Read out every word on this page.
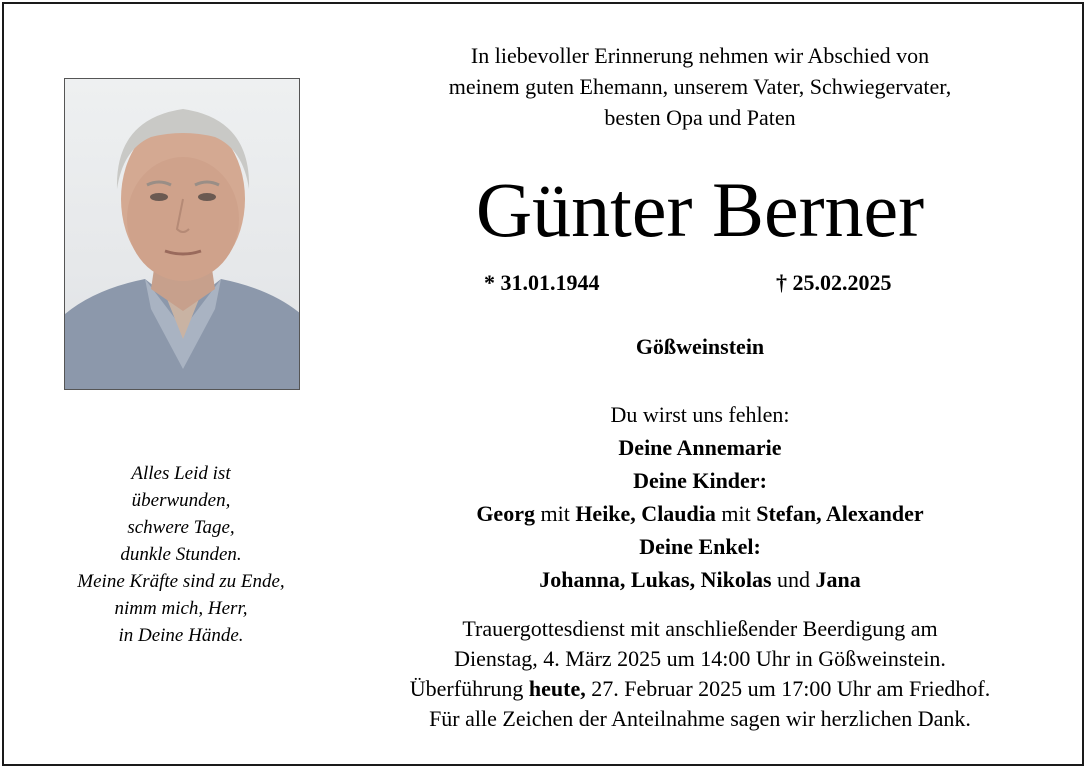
Alles Leid ist
überwunden,
schwere Tage,
dunkle Stunden.
Meine Kräfte sind zu Ende,
nimm mich, Herr,
in Deine Hände.
In liebevoller Erinnerung nehmen wir Abschied von
meinem guten Ehemann, unserem Vater, Schwiegervater,
besten Opa und Paten
Günter Berner
* 31.01.1944	† 25.02.2025
Gößweinstein
Du wirst uns fehlen:
Deine Annemarie
Deine Kinder:
Georg mit Heike, Claudia mit Stefan, Alexander
Deine Enkel:
Johanna, Lukas, Nikolas und Jana
Trauergottesdienst mit anschließender Beerdigung am
Dienstag, 4. März 2025 um 14:00 Uhr in Gößweinstein.
Überführung heute, 27. Februar 2025 um 17:00 Uhr am Friedhof.
Für alle Zeichen der Anteilnahme sagen wir herzlichen Dank.
